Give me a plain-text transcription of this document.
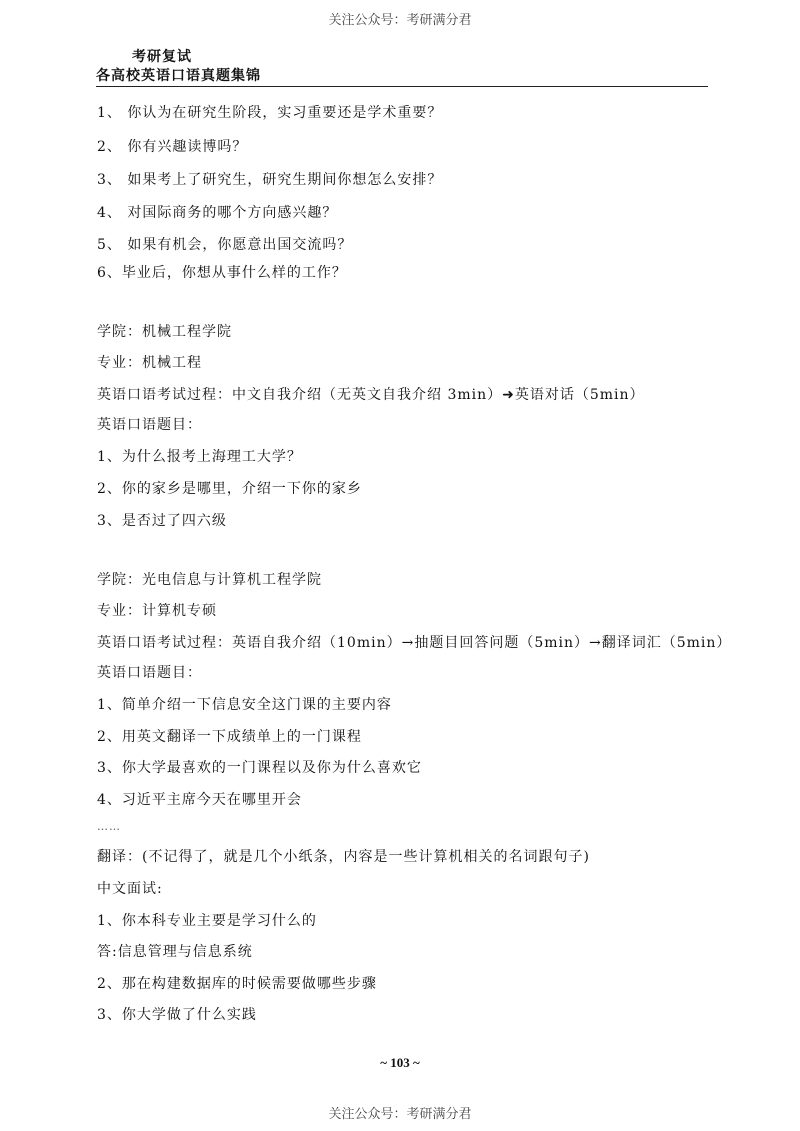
关注公众号：考研满分君
考研复试
各高校英语口语真题集锦
1、 你认为在研究生阶段，实习重要还是学术重要？
2、 你有兴趣读博吗？
3、 如果考上了研究生，研究生期间你想怎么安排？
4、 对国际商务的哪个方向感兴趣？
5、 如果有机会，你愿意出国交流吗？
6、毕业后，你想从事什么样的工作？
学院：机械工程学院
专业：机械工程
英语口语考试过程：中文自我介绍（无英文自我介绍 3min）➜英语对话（5min）
英语口语题目：
1、为什么报考上海理工大学？
2、你的家乡是哪里，介绍一下你的家乡
3、是否过了四六级
学院：光电信息与计算机工程学院
专业：计算机专硕
英语口语考试过程：英语自我介绍（10min）→抽题目回答问题（5min）→翻译词汇（5min）
英语口语题目：
1、简单介绍一下信息安全这门课的主要内容
2、用英文翻译一下成绩单上的一门课程
3、你大学最喜欢的一门课程以及你为什么喜欢它
4、习近平主席今天在哪里开会
……
翻译：(不记得了，就是几个小纸条，内容是一些计算机相关的名词跟句子)
中文面试:
1、你本科专业主要是学习什么的
答:信息管理与信息系统
2、那在构建数据库的时候需要做哪些步骤
3、你大学做了什么实践
~ 103 ~
关注公众号：考研满分君
